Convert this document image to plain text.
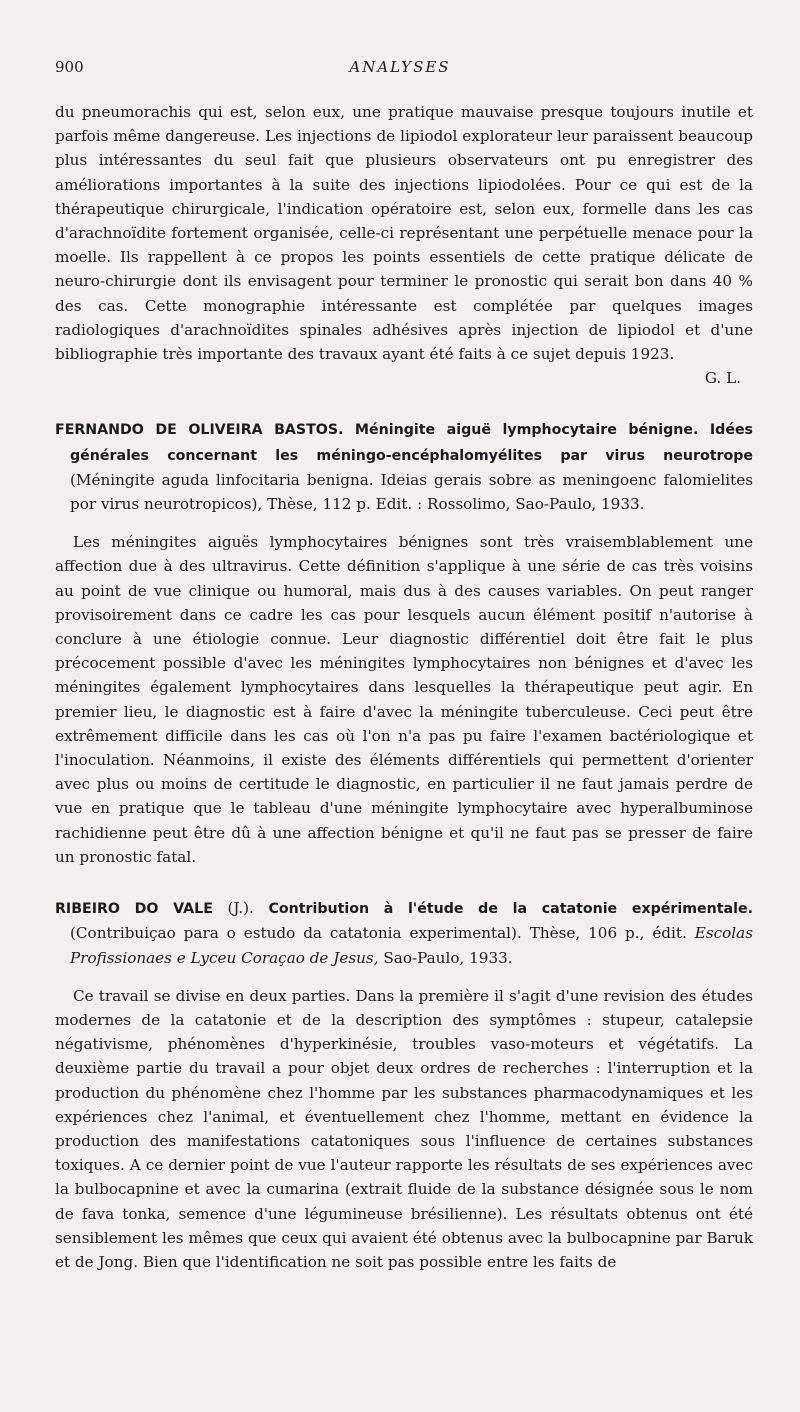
900	ANALYSES

du pneumorachis qui est, selon eux, une pratique mauvaise presque toujours inutile et parfois même dangereuse. Les injections de lipiodol explorateur leur paraissent beaucoup plus intéressantes du seul fait que plusieurs observateurs ont pu enregistrer des améliorations importantes à la suite des injections lipiodolées. Pour ce qui est de la thérapeutique chirurgicale, l'indication opératoire est, selon eux, formelle dans les cas d'arachnoïdite fortement organisée, celle-ci représentant une perpétuelle menace pour la moelle. Ils rappellent à ce propos les points essentiels de cette pratique délicate de neuro-chirurgie dont ils envisagent pour terminer le pronostic qui serait bon dans 40 % des cas. Cette monographie intéressante est complétée par quelques images radiologiques d'arachnoïdites spinales adhésives après injection de lipiodol et d'une bibliographie très importante des travaux ayant été faits à ce sujet depuis 1923.

G. L.

FERNANDO DE OLIVEIRA BASTOS. Méningite aiguë lymphocytaire bénigne. Idées générales concernant les méningo-encéphalomyélites par virus neurotrope (Méningite aguda linfocitaria benigna. Ideias gerais sobre as meningoenc falomielites por virus neurotropicos), Thèse, 112 p. Edit. : Rossolimo, Sao-Paulo, 1933.

Les méningites aiguës lymphocytaires bénignes sont très vraisemblablement une affection due à des ultravirus. Cette définition s'applique à une série de cas très voisins au point de vue clinique ou humoral, mais dus à des causes variables. On peut ranger provisoirement dans ce cadre les cas pour lesquels aucun élément positif n'autorise à conclure à une étiologie connue. Leur diagnostic différentiel doit être fait le plus précocement possible d'avec les méningites lymphocytaires non bénignes et d'avec les méningites également lymphocytaires dans lesquelles la thérapeutique peut agir. En premier lieu, le diagnostic est à faire d'avec la méningite tuberculeuse. Ceci peut être extrêmement difficile dans les cas où l'on n'a pas pu faire l'examen bactériologique et l'inoculation. Néanmoins, il existe des éléments différentiels qui permettent d'orienter avec plus ou moins de certitude le diagnostic, en particulier il ne faut jamais perdre de vue en pratique que le tableau d'une méningite lymphocytaire avec hyperalbuminose rachidienne peut être dû à une affection bénigne et qu'il ne faut pas se presser de faire un pronostic fatal.

RIBEIRO DO VALE (J.). Contribution à l'étude de la catatonie expérimentale. (Contribuiçao para o estudo da catatonia experimental). Thèse, 106 p., édit. Escolas Profissionaes e Lyceu Coraçao de Jesus, Sao-Paulo, 1933.

Ce travail se divise en deux parties. Dans la première il s'agit d'une revision des études modernes de la catatonie et de la description des symptômes : stupeur, catalepsie négativisme, phénomènes d'hyperkinésie, troubles vaso-moteurs et végétatifs. La deuxième partie du travail a pour objet deux ordres de recherches : l'interruption et la production du phénomène chez l'homme par les substances pharmacodynamiques et les expériences chez l'animal, et éventuellement chez l'homme, mettant en évidence la production des manifestations catatoniques sous l'influence de certaines substances toxiques. A ce dernier point de vue l'auteur rapporte les résultats de ses expériences avec la bulbocapnine et avec la cumarina (extrait fluide de la substance désignée sous le nom de fava tonka, semence d'une légumineuse brésilienne). Les résultats obtenus ont été sensiblement les mêmes que ceux qui avaient été obtenus avec la bulbocapnine par Baruk et de Jong. Bien que l'identification ne soit pas possible entre les faits de
